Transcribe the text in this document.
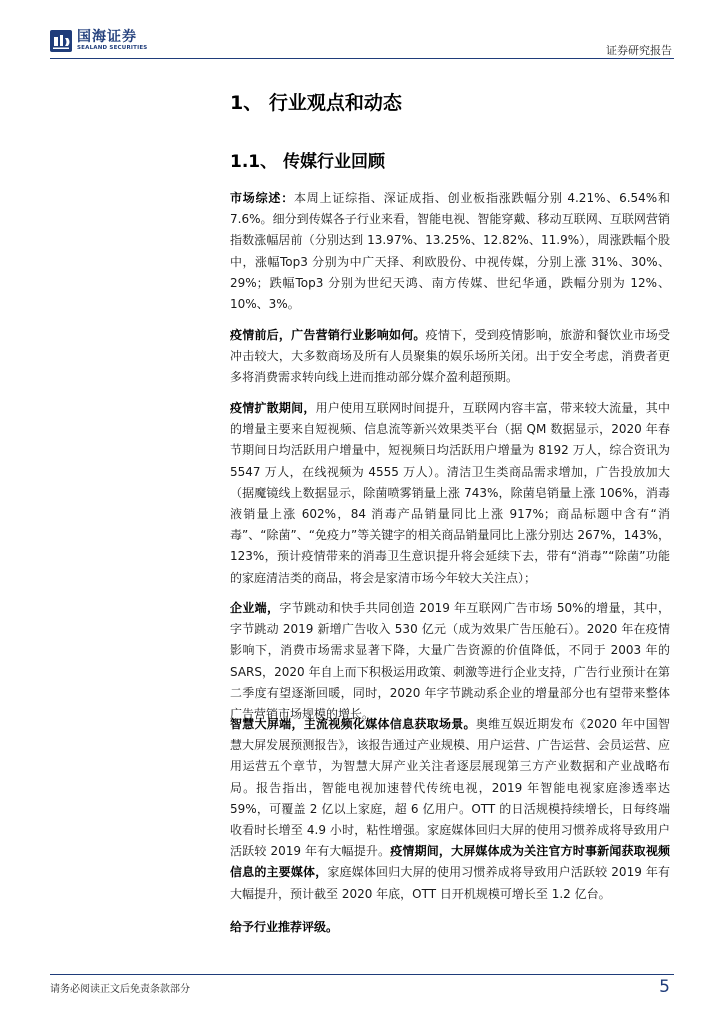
国海证券
SEALAND SECURITIES	证券研究报告
1、 行业观点和动态
1.1、 传媒行业回顾

市场综述：本周上证综指、深证成指、创业板指涨跌幅分别 4.21%、6.54%和 7.6%。细分到传媒各子行业来看，智能电视、智能穿戴、移动互联网、互联网营销指数涨幅居前（分别达到 13.97%、13.25%、12.82%、11.9%），周涨跌幅个股中，涨幅Top3 分别为中广天择、利欧股份、中视传媒，分别上涨 31%、30%、29%；跌幅Top3 分别为世纪天鸿、南方传媒、世纪华通，跌幅分别为 12%、10%、3%。

疫情前后，广告营销行业影响如何。疫情下，受到疫情影响，旅游和餐饮业市场受冲击较大，大多数商场及所有人员聚集的娱乐场所关闭。出于安全考虑，消费者更多将消费需求转向线上进而推动部分媒介盈利超预期。

疫情扩散期间，用户使用互联网时间提升，互联网内容丰富，带来较大流量，其中的增量主要来自短视频、信息流等新兴效果类平台（据 QM 数据显示，2020 年春节期间日均活跃用户增量中，短视频日均活跃用户增量为 8192 万人，综合资讯为 5547 万人，在线视频为 4555 万人）。清洁卫生类商品需求增加，广告投放加大（据魔镜线上数据显示，除菌喷雾销量上涨 743%，除菌皂销量上涨 106%，消毒液销量上涨 602%，84 消毒产品销量同比上涨 917%；商品标题中含有“消毒”、“除菌”、“免疫力”等关键字的相关商品销量同比上涨分别达 267%，143%，123%，预计疫情带来的消毒卫生意识提升将会延续下去，带有“消毒”“除菌”功能的家庭清洁类的商品，将会是家清市场今年较大关注点）；

企业端，字节跳动和快手共同创造 2019 年互联网广告市场 50%的增量，其中，字节跳动 2019 新增广告收入 530 亿元（成为效果广告压舱石）。2020 年在疫情影响下，消费市场需求显著下降，大量广告资源的价值降低，不同于 2003 年的 SARS，2020 年自上而下积极运用政策、刺激等进行企业支持，广告行业预计在第二季度有望逐渐回暖，同时，2020 年字节跳动系企业的增量部分也有望带来整体广告营销市场规模的增长。

智慧大屏端，主流视频化媒体信息获取场景。奥维互娱近期发布《2020 年中国智慧大屏发展预测报告》，该报告通过产业规模、用户运营、广告运营、会员运营、应用运营五个章节，为智慧大屏产业关注者逐层展现第三方产业数据和产业战略布局。报告指出，智能电视加速替代传统电视，2019 年智能电视家庭渗透率达 59%，可覆盖 2 亿以上家庭，超 6 亿用户。OTT 的日活规模持续增长，日每终端收看时长增至 4.9 小时，粘性增强。家庭媒体回归大屏的使用习惯养成将导致用户活跃较 2019 年有大幅提升。疫情期间，大屏媒体成为关注官方时事新闻获取视频信息的主要媒体，家庭媒体回归大屏的使用习惯养成将导致用户活跃较 2019 年有大幅提升，预计截至 2020 年底，OTT 日开机规模可增长至 1.2 亿台。

给予行业推荐评级。

请务必阅读正文后免责条款部分	5
